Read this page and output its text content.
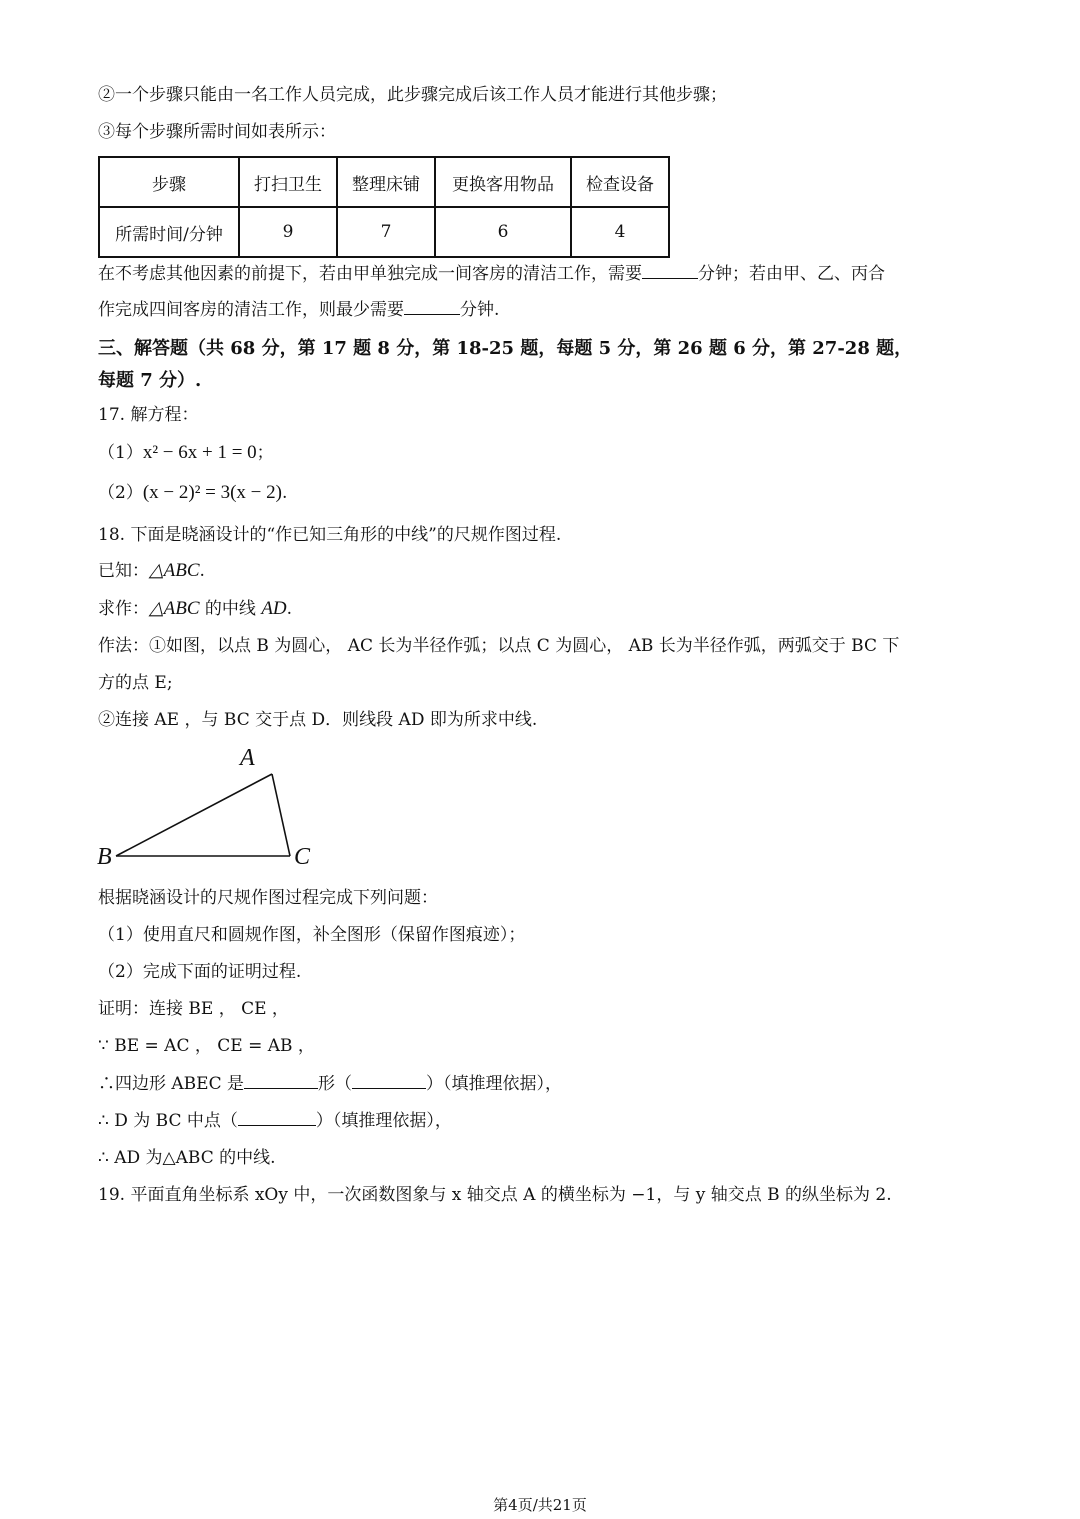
②一个步骤只能由一名工作人员完成，此步骤完成后该工作人员才能进行其他步骤；
③每个步骤所需时间如表所示：
步骤	打扫卫生	整理床铺	更换客用物品	检查设备
所需时间/分钟	9	7	6	4
在不考虑其他因素的前提下，若由甲单独完成一间客房的清洁工作，需要	分钟；若由甲、乙、丙合
作完成四间客房的清洁工作，则最少需要	分钟.
三、解答题（共 68 分，第 17 题 8 分，第 18-25 题，每题 5 分，第 26 题 6 分，第 27-28 题，
每题 7 分）.
17. 解方程：
（1）x² − 6x + 1 = 0；
（2）(x − 2)² = 3(x − 2).
18. 下面是晓涵设计的“作已知三角形的中线”的尺规作图过程.
已知：△ABC.
求作：△ABC 的中线 AD.
作法：①如图，以点 B 为圆心， AC 长为半径作弧；以点 C 为圆心， AB 长为半径作弧，两弧交于 BC 下
方的点 E;
②连接 AE ，与 BC 交于点 D．则线段 AD 即为所求中线.
A
B	C
根据晓涵设计的尺规作图过程完成下列问题：
（1）使用直尺和圆规作图，补全图形（保留作图痕迹）；
（2）完成下面的证明过程.
证明：连接 BE ， CE ，
∵ BE = AC ， CE = AB ，
∴四边形 ABEC 是	形（	）（填推理依据），
∴ D 为 BC 中点（	）（填推理依据），
∴ AD 为△ABC 的中线.
19. 平面直角坐标系 xOy 中，一次函数图象与 x 轴交点 A 的横坐标为 −1，与 y 轴交点 B 的纵坐标为 2.
第4页/共21页
